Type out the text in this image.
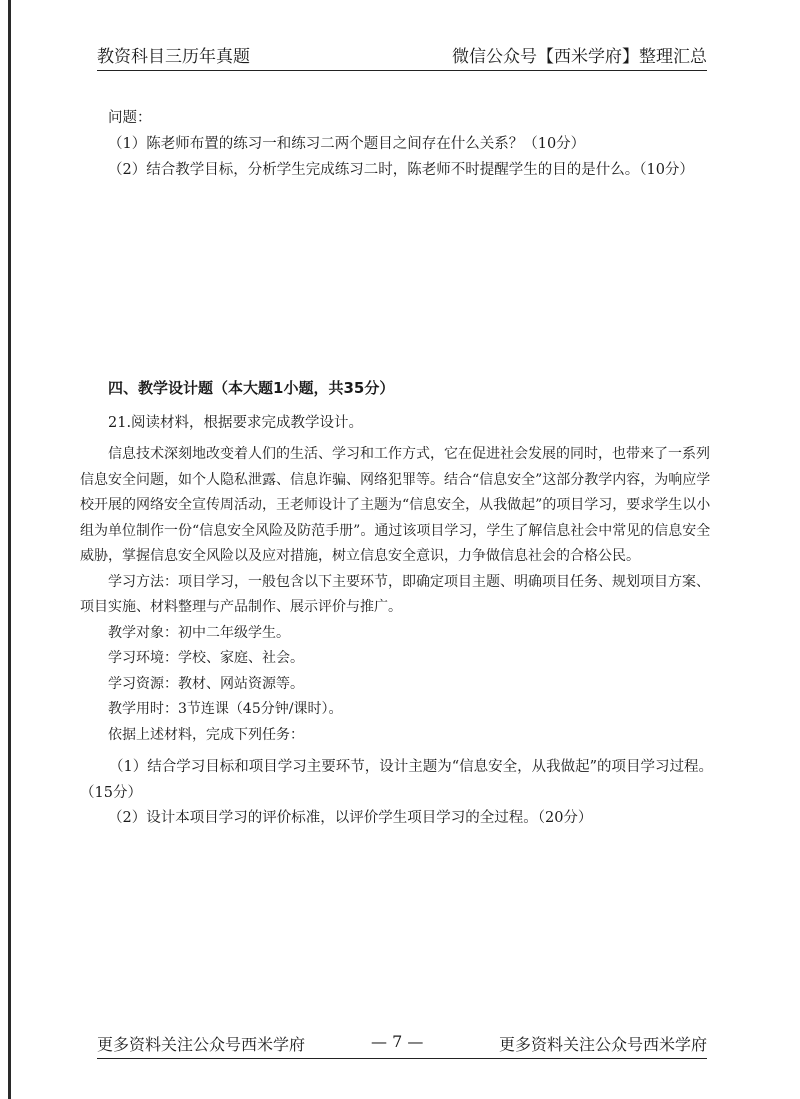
教资科目三历年真题	微信公众号【西米学府】整理汇总
问题：
（1）陈老师布置的练习一和练习二两个题目之间存在什么关系？（10分）
（2）结合教学目标，分析学生完成练习二时，陈老师不时提醒学生的目的是什么。（10分）
四、教学设计题（本大题1小题，共35分）
21.阅读材料，根据要求完成教学设计。

信息技术深刻地改变着人们的生活、学习和工作方式，它在促进社会发展的同时，也带来了一系列信息安全问题，如个人隐私泄露、信息诈骗、网络犯罪等。结合“信息安全”这部分教学内容，为响应学校开展的网络安全宣传周活动，王老师设计了主题为“信息安全，从我做起”的项目学习，要求学生以小组为单位制作一份“信息安全风险及防范手册”。通过该项目学习，学生了解信息社会中常见的信息安全威胁，掌握信息安全风险以及应对措施，树立信息安全意识，力争做信息社会的合格公民。

学习方法：项目学习，一般包含以下主要环节，即确定项目主题、明确项目任务、规划项目方案、项目实施、材料整理与产品制作、展示评价与推广。

教学对象：初中二年级学生。

学习环境：学校、家庭、社会。

学习资源：教材、网站资源等。

教学用时：3节连课（45分钟/课时）。

依据上述材料，完成下列任务：

（1）结合学习目标和项目学习主要环节，设计主题为“信息安全，从我做起”的项目学习过程。（15分）
（2）设计本项目学习的评价标准，以评价学生项目学习的全过程。（20分）
更多资料关注公众号西米学府	— 7 —	更多资料关注公众号西米学府
